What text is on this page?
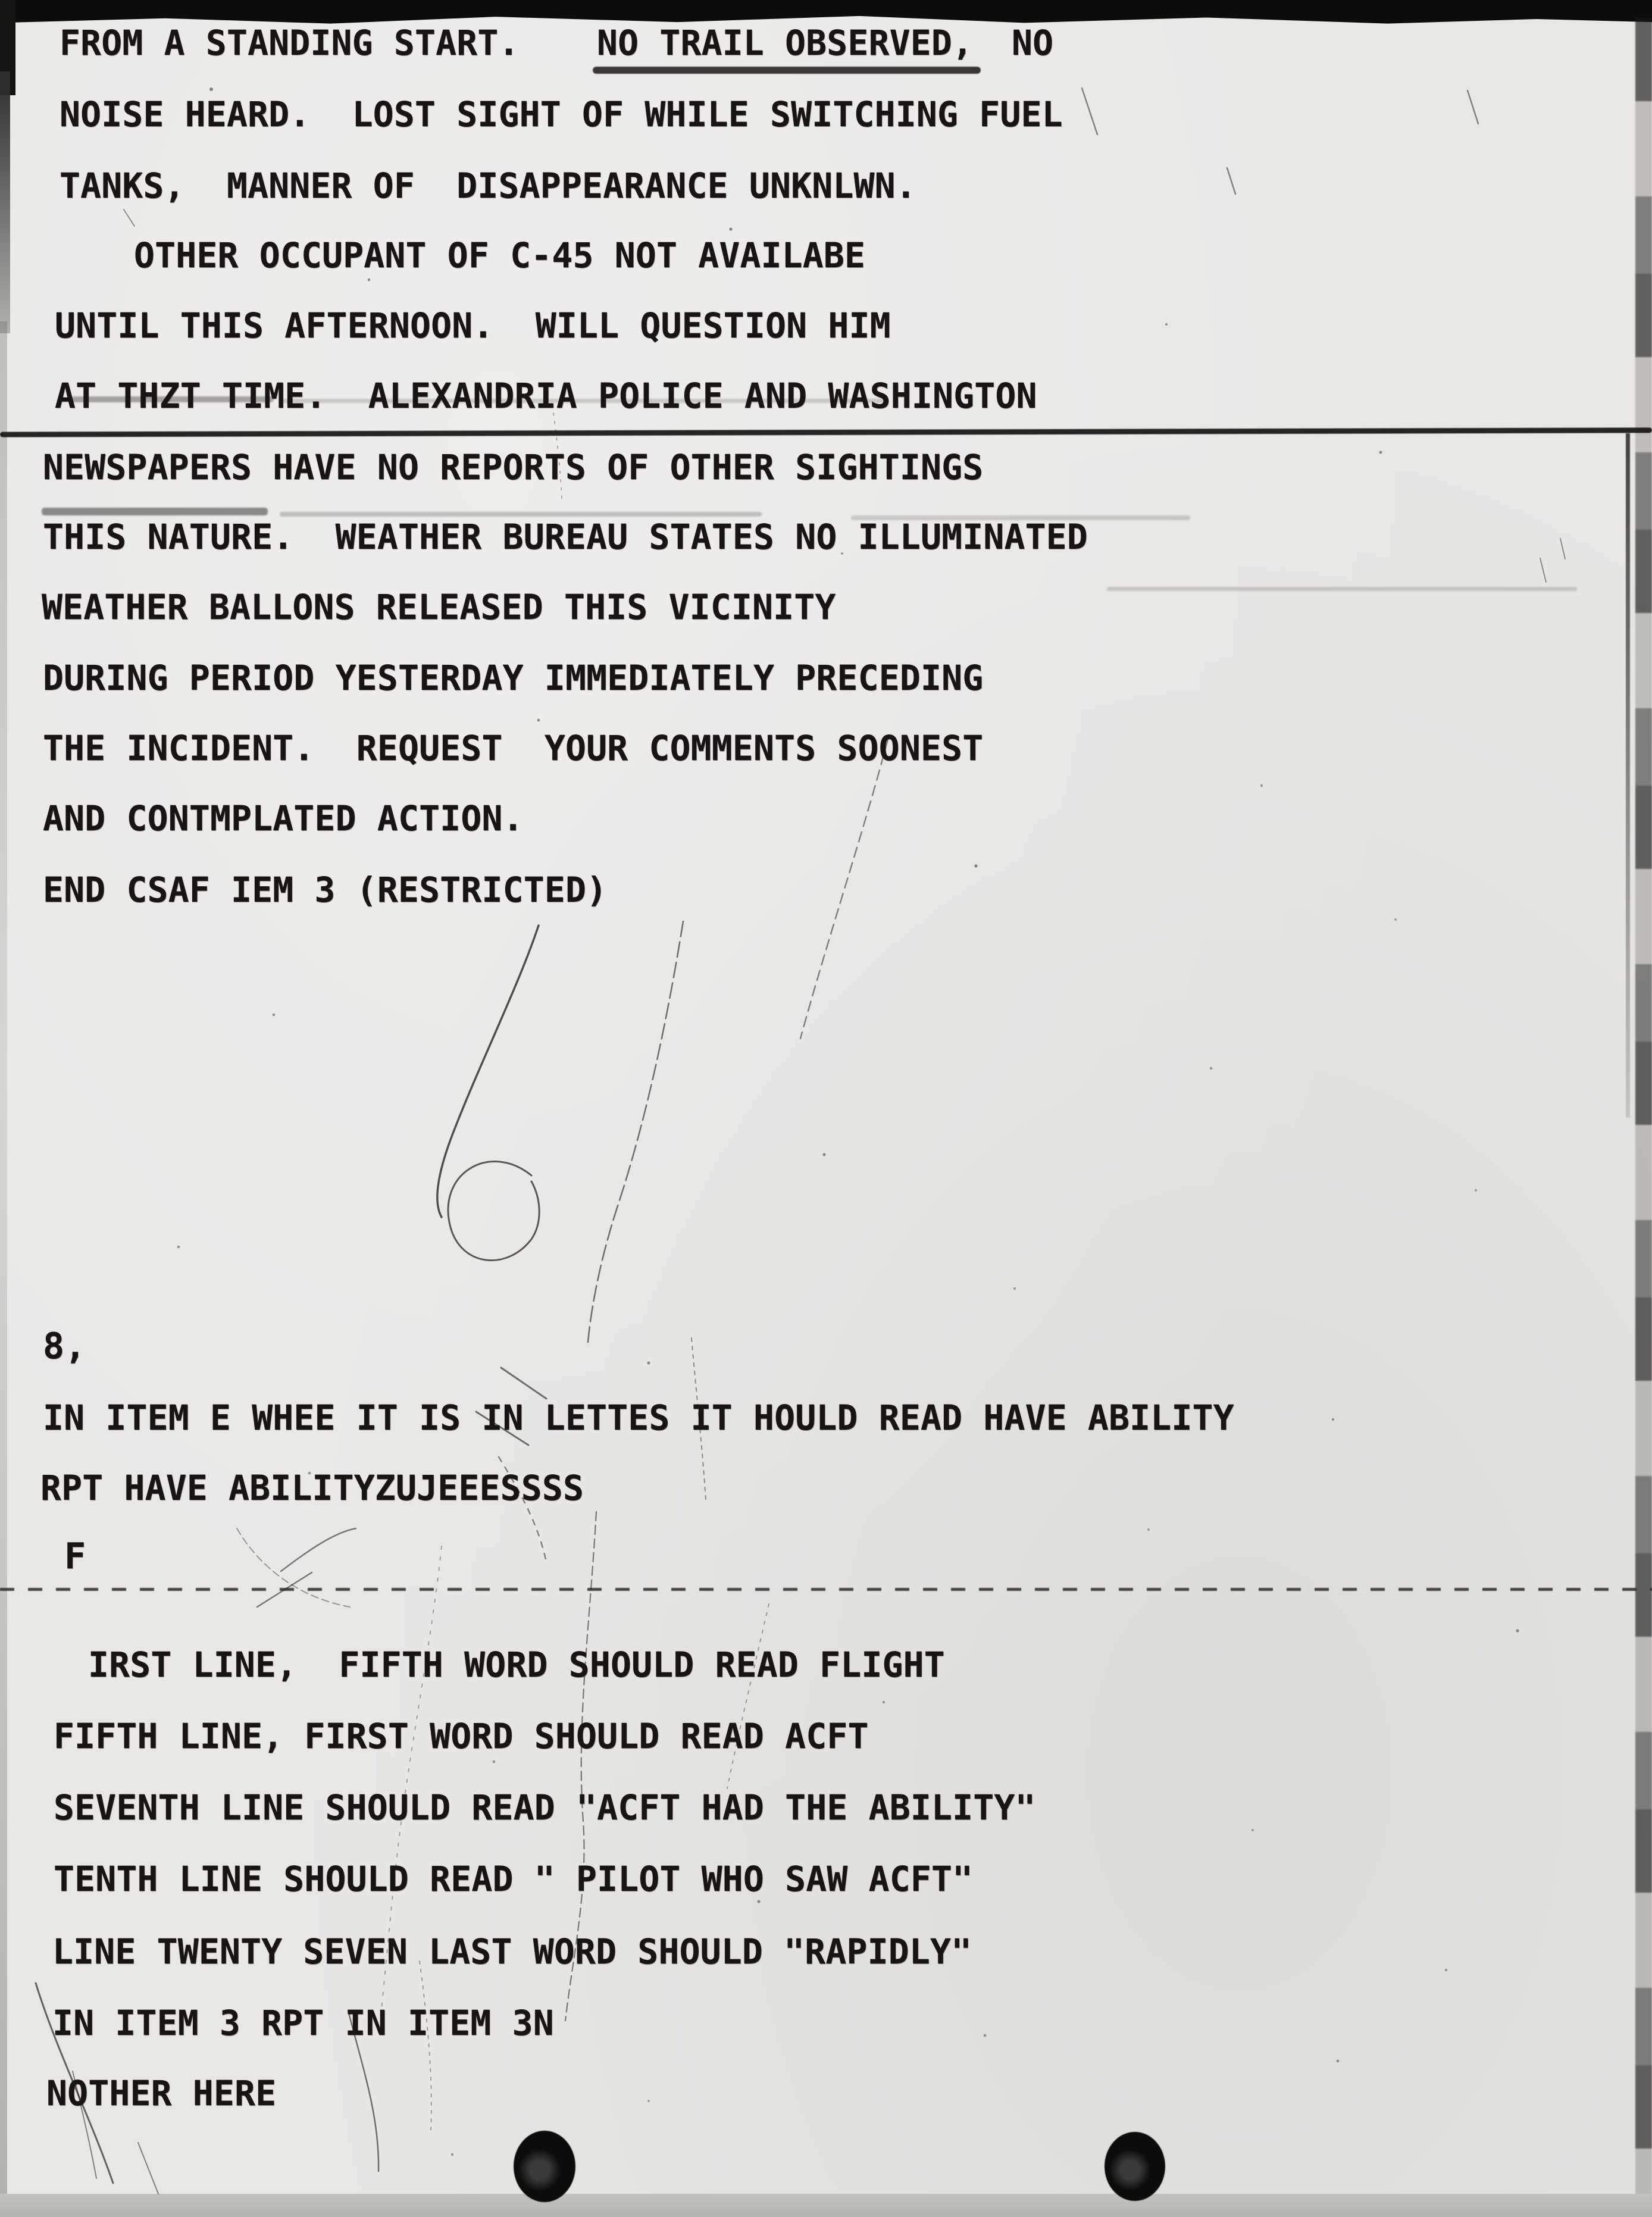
FROM A STANDING START. NO TRAIL OBSERVED, NO
NOISE HEARD.  LOST SIGHT OF WHILE SWITCHING FUEL
TANKS,  MANNER OF  DISAPPEARANCE UNKNLWN.
OTHER OCCUPANT OF C-45 NOT AVAILABE
UNTIL THIS AFTERNOON.  WILL QUESTION HIM
AT THZT TIME.  ALEXANDRIA POLICE AND WASHINGTON
NEWSPAPERS HAVE NO REPORTS OF OTHER SIGHTINGS
THIS NATURE.  WEATHER BUREAU STATES NO ILLUMINATED
WEATHER BALLONS RELEASED THIS VICINITY
DURING PERIOD YESTERDAY IMMEDIATELY PRECEDING
THE INCIDENT.  REQUEST  YOUR COMMENTS SOONEST
AND CONTMPLATED ACTION.
END CSAF IEM 3 (RESTRICTED)
8,
IN ITEM E WHEE IT IS IN LETTES IT HOULD READ HAVE ABILITY
RPT HAVE ABILITYZUJEEESSSS
F
IRST LINE,  FIFTH WORD SHOULD READ FLIGHT
FIFTH LINE, FIRST WORD SHOULD READ ACFT
SEVENTH LINE SHOULD READ "ACFT HAD THE ABILITY"
TENTH LINE SHOULD READ " PILOT WHO SAW ACFT"
LINE TWENTY SEVEN LAST WORD SHOULD "RAPIDLY"
IN ITEM 3 RPT IN ITEM 3N
NOTHER HERE
